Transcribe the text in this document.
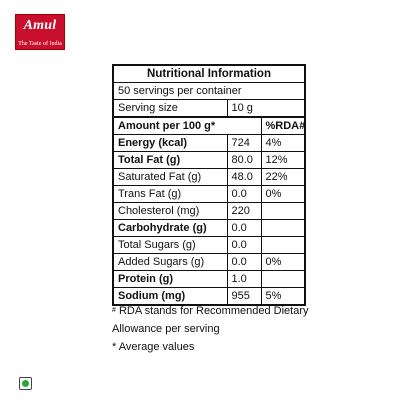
Amul
The Taste of India
Nutritional Information		
50 servings per container		
Serving size	10 g	
Amount per 100 g*		%RDA#
Energy (kcal)	724	4%
Total Fat (g)	80.0	12%
Saturated Fat (g)	48.0	22%
Trans Fat (g)	0.0	0%
Cholesterol (mg)	220	
Carbohydrate (g)	0.0	
Total Sugars (g)	0.0	
Added Sugars (g)	0.0	0%
Protein (g)	1.0	
Sodium (mg)	955	5%
# RDA stands for Recommended Dietary
Allowance per serving
* Average values
